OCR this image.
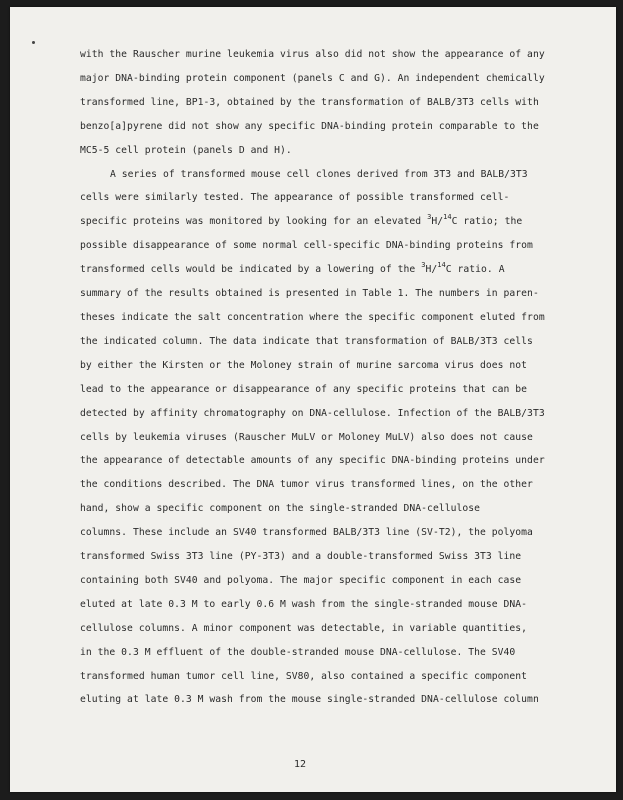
with the Rauscher murine leukemia virus also did not show the appearance of any
major DNA-binding protein component (panels C and G). An independent chemically
transformed line, BP1-3, obtained by the transformation of BALB/3T3 cells with
benzo[a]pyrene did not show any specific DNA-binding protein comparable to the
MC5-5 cell protein (panels D and H).
A series of transformed mouse cell clones derived from 3T3 and BALB/3T3
cells were similarly tested. The appearance of possible transformed cell-
specific proteins was monitored by looking for an elevated $^3$H/$^{14}$C ratio; the
possible disappearance of some normal cell-specific DNA-binding proteins from
transformed cells would be indicated by a lowering of the $^3$H/$^{14}$C ratio. A
summary of the results obtained is presented in Table 1. The numbers in paren-
theses indicate the salt concentration where the specific component eluted from
the indicated column. The data indicate that transformation of BALB/3T3 cells
by either the Kirsten or the Moloney strain of murine sarcoma virus does not
lead to the appearance or disappearance of any specific proteins that can be
detected by affinity chromatography on DNA-cellulose. Infection of the BALB/3T3
cells by leukemia viruses (Rauscher MuLV or Moloney MuLV) also does not cause
the appearance of detectable amounts of any specific DNA-binding proteins under
the conditions described. The DNA tumor virus transformed lines, on the other
hand, show a specific component on the single-stranded DNA-cellulose
columns. These include an SV40 transformed BALB/3T3 line (SV-T2), the polyoma
transformed Swiss 3T3 line (PY-3T3) and a double-transformed Swiss 3T3 line
containing both SV40 and polyoma. The major specific component in each case
eluted at late 0.3 M to early 0.6 M wash from the single-stranded mouse DNA-
cellulose columns. A minor component was detectable, in variable quantities,
in the 0.3 M effluent of the double-stranded mouse DNA-cellulose. The SV40
transformed human tumor cell line, SV80, also contained a specific component
eluting at late 0.3 M wash from the mouse single-stranded DNA-cellulose column
12
